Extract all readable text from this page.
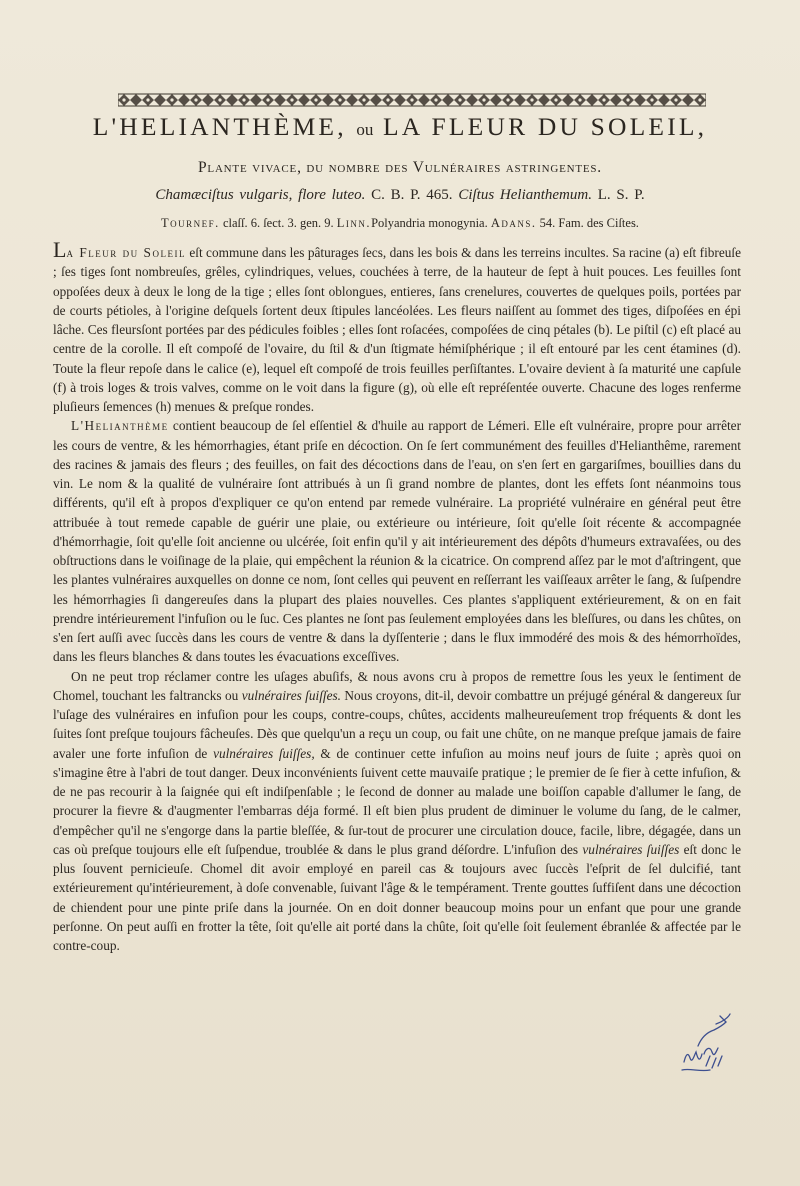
L'HELIANTHÈME, ou LA FLEUR DU SOLEIL,
Plante vivace, du nombre des Vulnéraires astringentes.
Chamæciſtus vulgaris, flore luteo. C. B. P. 465. Ciſtus Helianthemum. L. S. P.
Tournef. claſſ. 6. ſect. 3. gen. 9. Linn.Polyandria monogynia. Adans. 54. Fam. des Ciſtes.

La Fleur du Soleil eſt commune dans les pâturages ſecs, dans les bois & dans les terreins incultes. Sa racine (a) eſt fibreuſe ; ſes tiges ſont nombreuſes, grêles, cylindriques, velues, couchées à terre, de la hauteur de ſept à huit pouces. Les feuilles ſont oppoſées deux à deux le long de la tige ; elles ſont oblongues, entieres, ſans crenelures, couvertes de quelques poils, portées par de courts pétioles, à l'origine deſquels ſortent deux ſtipules lancéolées. Les fleurs naiſſent au ſommet des tiges, diſpoſées en épi lâche. Ces fleursſont portées par des pédicules foibles ; elles ſont roſacées, compoſées de cinq pétales (b). Le piſtil (c) eſt placé au centre de la corolle. Il eſt compoſé de l'ovaire, du ſtil & d'un ſtigmate hémiſphérique ; il eſt entouré par les cent étamines (d). Toute la fleur repoſe dans le calice (e), lequel eſt compoſé de trois feuilles perſiſtantes. L'ovaire devient à ſa maturité une capſule (f) à trois loges & trois valves, comme on le voit dans la figure (g), où elle eſt repréſentée ouverte. Chacune des loges renferme pluſieurs ſemences (h) menues & preſque rondes.

L'Helianthème contient beaucoup de ſel eſſentiel & d'huile au rapport de Lémeri. Elle eſt vulnéraire, propre pour arrêter les cours de ventre, & les hémorrhagies, étant priſe en décoction. On ſe ſert communément des feuilles d'Helianthême, rarement des racines & jamais des fleurs ; des feuilles, on fait des décoctions dans de l'eau, on s'en ſert en gargariſmes, bouillies dans du vin. Le nom & la qualité de vulnéraire ſont attribués à un ſi grand nombre de plantes, dont les effets ſont néanmoins tous différents, qu'il eſt à propos d'expliquer ce qu'on entend par remede vulnéraire. La propriété vulnéraire en général peut être attribuée à tout remede capable de guérir une plaie, ou extérieure ou intérieure, ſoit qu'elle ſoit récente & accompagnée d'hémorrhagie, ſoit qu'elle ſoit ancienne ou ulcérée, ſoit enfin qu'il y ait intérieurement des dépôts d'humeurs extravaſées, ou des obſtructions dans le voiſinage de la plaie, qui empêchent la réunion & la cicatrice. On comprend aſſez par le mot d'aſtringent, que les plantes vulnéraires auxquelles on donne ce nom, ſont celles qui peuvent en reſſerrant les vaiſſeaux arrêter le ſang, & ſuſpendre les hémorrhagies ſi dangereuſes dans la plupart des plaies nouvelles. Ces plantes s'appliquent extérieurement, & on en fait prendre intérieurement l'infuſion ou le ſuc. Ces plantes ne ſont pas ſeulement employées dans les bleſſures, ou dans les chûtes, on s'en ſert auſſi avec ſuccès dans les cours de ventre & dans la dyſſenterie ; dans le flux immodéré des mois & des hémorrhoïdes, dans les fleurs blanches & dans toutes les évacuations exceſſives.

On ne peut trop réclamer contre les uſages abuſifs, & nous avons cru à propos de remettre ſous les yeux le ſentiment de Chomel, touchant les faltrancks ou vulnéraires ſuiſſes. Nous croyons, dit-il, devoir combattre un préjugé général & dangereux ſur l'uſage des vulnéraires en infuſion pour les coups, contre-coups, chûtes, accidents malheureuſement trop fréquents & dont les ſuites ſont preſque toujours fâcheuſes. Dès que quelqu'un a reçu un coup, ou fait une chûte, on ne manque preſque jamais de faire avaler une forte infuſion de vulnéraires ſuiſſes, & de continuer cette infuſion au moins neuf jours de ſuite ; après quoi on s'imagine être à l'abri de tout danger. Deux inconvénients ſuivent cette mauvaiſe pratique ; le premier de ſe fier à cette infuſion, & de ne pas recourir à la ſaignée qui eſt indiſpenſable ; le ſecond de donner au malade une boiſſon capable d'allumer le ſang, de procurer la fievre & d'augmenter l'embarras déja formé. Il eſt bien plus prudent de diminuer le volume du ſang, de le calmer, d'empêcher qu'il ne s'engorge dans la partie bleſſée, & ſur-tout de procurer une circulation douce, facile, libre, dégagée, dans un cas où preſque toujours elle eſt ſuſpendue, troublée & dans le plus grand déſordre. L'infuſion des vulnéraires ſuiſſes eſt donc le plus ſouvent pernicieuſe. Chomel dit avoir employé en pareil cas & toujours avec ſuccès l'eſprit de ſel dulcifié, tant extérieurement qu'intérieurement, à doſe convenable, ſuivant l'âge & le tempérament. Trente gouttes ſuffiſent dans une décoction de chiendent pour une pinte priſe dans la journée. On en doit donner beaucoup moins pour un enfant que pour une grande perſonne. On peut auſſi en frotter la tête, ſoit qu'elle ait porté dans la chûte, ſoit qu'elle ſoit ſeulement ébranlée & affectée par le contre-coup.
